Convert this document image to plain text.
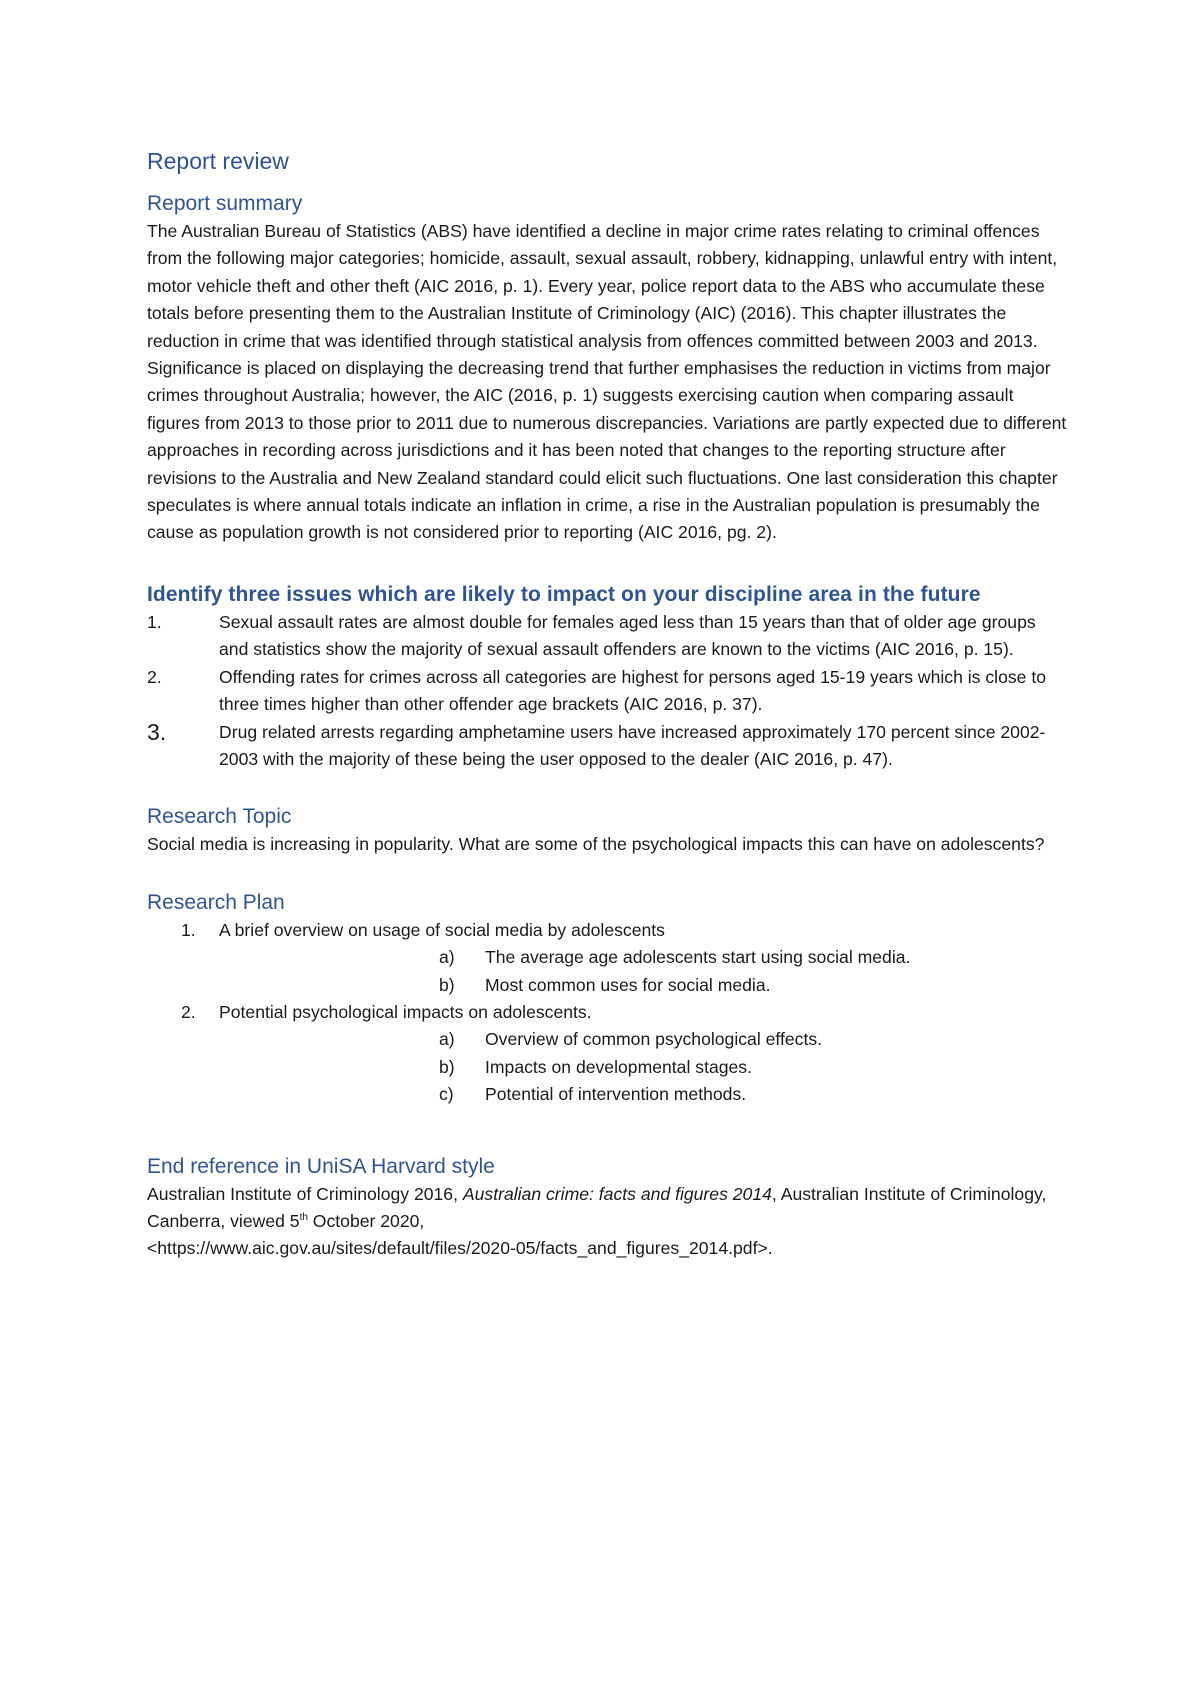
Report review
Report summary

The Australian Bureau of Statistics (ABS) have identified a decline in major crime rates relating to criminal offences from the following major categories; homicide, assault, sexual assault, robbery, kidnapping, unlawful entry with intent, motor vehicle theft and other theft (AIC 2016, p. 1). Every year, police report data to the ABS who accumulate these totals before presenting them to the Australian Institute of Criminology (AIC) (2016). This chapter illustrates the reduction in crime that was identified through statistical analysis from offences committed between 2003 and 2013. Significance is placed on displaying the decreasing trend that further emphasises the reduction in victims from major crimes throughout Australia; however, the AIC (2016, p. 1) suggests exercising caution when comparing assault figures from 2013 to those prior to 2011 due to numerous discrepancies. Variations are partly expected due to different approaches in recording across jurisdictions and it has been noted that changes to the reporting structure after revisions to the Australia and New Zealand standard could elicit such fluctuations. One last consideration this chapter speculates is where annual totals indicate an inflation in crime, a rise in the Australian population is presumably the cause as population growth is not considered prior to reporting (AIC 2016, pg. 2).

Identify three issues which are likely to impact on your discipline area in the future
1.	Sexual assault rates are almost double for females aged less than 15 years than that of older age groups and statistics show the majority of sexual assault offenders are known to the victims (AIC 2016, p. 15).
2.	Offending rates for crimes across all categories are highest for persons aged 15-19 years which is close to three times higher than other offender age brackets (AIC 2016, p. 37).
3.	Drug related arrests regarding amphetamine users have increased approximately 170 percent since 2002-2003 with the majority of these being the user opposed to the dealer (AIC 2016, p. 47).
Research Topic

Social media is increasing in popularity. What are some of the psychological impacts this can have on adolescents?

Research Plan
1.	A brief overview on usage of social media by adolescents
a)	The average age adolescents start using social media.
b)	Most common uses for social media.
2.	Potential psychological impacts on adolescents.
a)	Overview of common psychological effects.
b)	Impacts on developmental stages.
c)	Potential of intervention methods.
End reference in UniSA Harvard style

Australian Institute of Criminology 2016, Australian crime: facts and figures 2014, Australian Institute of Criminology, Canberra, viewed 5th October 2020,
<https://www.aic.gov.au/sites/default/files/2020-05/facts_and_figures_2014.pdf>.
